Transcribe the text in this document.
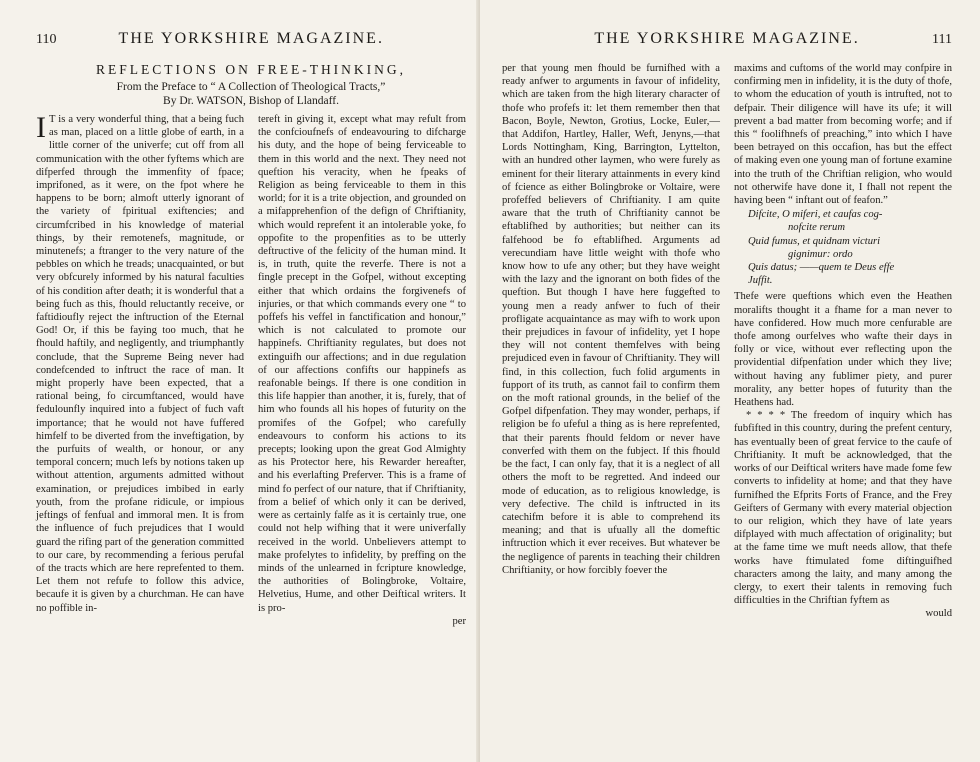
110	THE YORKSHIRE MAGAZINE.
REFLECTIONS ON FREE-THINKING,
From the Preface to “ A Collection of Theological Tracts,”
By Dr. WATSON, Bishop of Llandaff.

I T is a very wonderful thing, that a being fuch as man, placed on a little globe of earth, in a little corner of the univerfe; cut off from all communication with the other fyftems which are difperfed through the immenfity of fpace; imprifoned, as it were, on the fpot where he happens to be born; almoft utterly ignorant of the variety of fpiritual exiftencies; and circumfcribed in his knowledge of material things, by their remotenefs, magnitude, or minutenefs; a ftranger to the very nature of the pebbles on which he treads; unacquainted, or but very obfcurely informed by his natural faculties of his condition after death; it is wonderful that a being fuch as this, fhould reluctantly receive, or faftidioufly reject the inftruction of the Eternal God! Or, if this be faying too much, that he fhould haftily, and negligently, and triumphantly conclude, that the Supreme Being never had condefcended to inftruct the race of man. It might properly have been expected, that a rational being, fo circumftanced, would have fedulounfly inquired into a fubject of fuch vaft importance; that he would not have fuffered himfelf to be diverted from the inveftigation, by the purfuits of wealth, or honour, or any temporal concern; much lefs by notions taken up without attention, arguments admitted without examination, or prejudices imbibed in early youth, from the profane ridicule, or impious jeftings of fenfual and immoral men. It is from the influence of fuch prejudices that I would guard the rifing part of the generation committed to our care, by recommending a ferious perufal of the tracts which are here reprefented to them. Let them not refufe to follow this advice, becaufe it is given by a churchman. He can have no poffible in-

tereft in giving it, except what may refult from the confcioufnefs of endeavouring to difcharge his duty, and the hope of being ferviceable to them in this world and the next. They need not queftion his veracity, when he fpeaks of Religion as being ferviceable to them in this world; for it is a trite objection, and grounded on a mifapprehenfion of the defign of Chriftianity, which would reprefent it an intolerable yoke, fo oppofite to the propenfities as to be utterly deftructive of the felicity of the human mind. It is, in truth, quite the reverfe. There is not a fingle precept in the Gofpel, without excepting either that which ordains the forgivenefs of injuries, or that which commands every one “ to poffefs his veffel in fanctification and honour,” which is not calculated to promote our happinefs. Chriftianity regulates, but does not extinguifh our affections; and in due regulation of our affections confifts our happinefs as reafonable beings. If there is one condition in this life happier than another, it is, furely, that of him who founds all his hopes of futurity on the promifes of the Gofpel; who carefully endeavours to conform his actions to its precepts; looking upon the great God Almighty as his Protector here, his Rewarder hereafter, and his everlafting Preferver. This is a frame of mind fo perfect of our nature, that if Chriftianity, from a belief of which only it can be derived, were as certainly falfe as it is certainly true, one could not help wifhing that it were univerfally received in the world. Unbelievers attempt to make profelytes to infidelity, by preffing on the minds of the unlearned in fcripture knowledge, the authorities of Bolingbroke, Voltaire, Helvetius, Hume, and other Deiftical writers. It is pro-

per
THE YORKSHIRE MAGAZINE.	111

per that young men fhould be furnifhed with a ready anfwer to arguments in favour of infidelity, which are taken from the high literary character of thofe who profefs it: let them remember then that Bacon, Boyle, Newton, Grotius, Locke, Euler,— that Addifon, Hartley, Haller, Weft, Jenyns,—that Lords Nottingham, King, Barrington, Lyttelton, with an hundred other laymen, who were furely as eminent for their literary attainments in every kind of fcience as either Bolingbroke or Voltaire, were profeffed believers of Chriftianity. I am quite aware that the truth of Chriftianity cannot be eftablifhed by authorities; but neither can its falfehood be fo eftablifhed. Arguments ad verecundiam have little weight with thofe who know how to ufe any other; but they have weight with the lazy and the ignorant on both fides of the queftion. But though I have here fuggefted to young men a ready anfwer to fuch of their profligate acquaintance as may wifh to work upon their prejudices in favour of infidelity, yet I hope they will not content themfelves with being prejudiced even in favour of Chriftianity. They will find, in this collection, fuch folid arguments in fupport of its truth, as cannot fail to confirm them on the moft rational grounds, in the belief of the Gofpel difpenfation. They may wonder, perhaps, if religion be fo ufeful a thing as is here reprefented, that their parents fhould feldom or never have converfed with them on the fubject. If this fhould be the fact, I can only fay, that it is a neglect of all others the moft to be regretted. And indeed our mode of education, as to religious knowledge, is very defective. The child is inftructed in its catechifm before it is able to comprehend its meaning; and that is ufually all the domeftic inftruction which it ever receives. But whatever be the negligence of parents in teaching their children Chriftianity, or how forcibly foever the

maxims and cuftoms of the world may confpire in confirming men in infidelity, it is the duty of thofe, to whom the education of youth is intrufted, not to defpair. Their diligence will have its ufe; it will prevent a bad matter from becoming worfe; and if this “ foolifhnefs of preaching,” into which I have been betrayed on this occafion, has but the effect of making even one young man of fortune examine into the truth of the Chriftian religion, who would not otherwife have done it, I fhall not repent the having been “ inftant out of feafon.”

Difcite, O miferi, et caufas cog-
nofcite rerum
Quid fumus, et quidnam victuri
gignimur: ordo
Quis datus; ——quem te Deus effe
Juffit.

Thefe were queftions which even the Heathen moralifts thought it a fhame for a man never to have confidered. How much more cenfurable are thofe among ourfelves who wafte their days in folly or vice, without ever reflecting upon the providential difpenfation under which they live; without having any fublimer piety, and purer morality, any better hopes of futurity than the Heathens had.

* * * * The freedom of inquiry which has fubfifted in this country, during the prefent century, has eventually been of great fervice to the caufe of Chriftianity. It muft be acknowledged, that the works of our Deiftical writers have made fome few converts to infidelity at home; and that they have furnifhed the Efprits Forts of France, and the Frey Geifters of Germany with every material objection to our religion, which they have of late years difplayed with much affectation of originality; but at the fame time we muft needs allow, that thefe works have ftimulated fome diftinguifhed characters among the laity, and many among the clergy, to exert their talents in removing fuch difficulties in the Chriftian fyftem as

would
